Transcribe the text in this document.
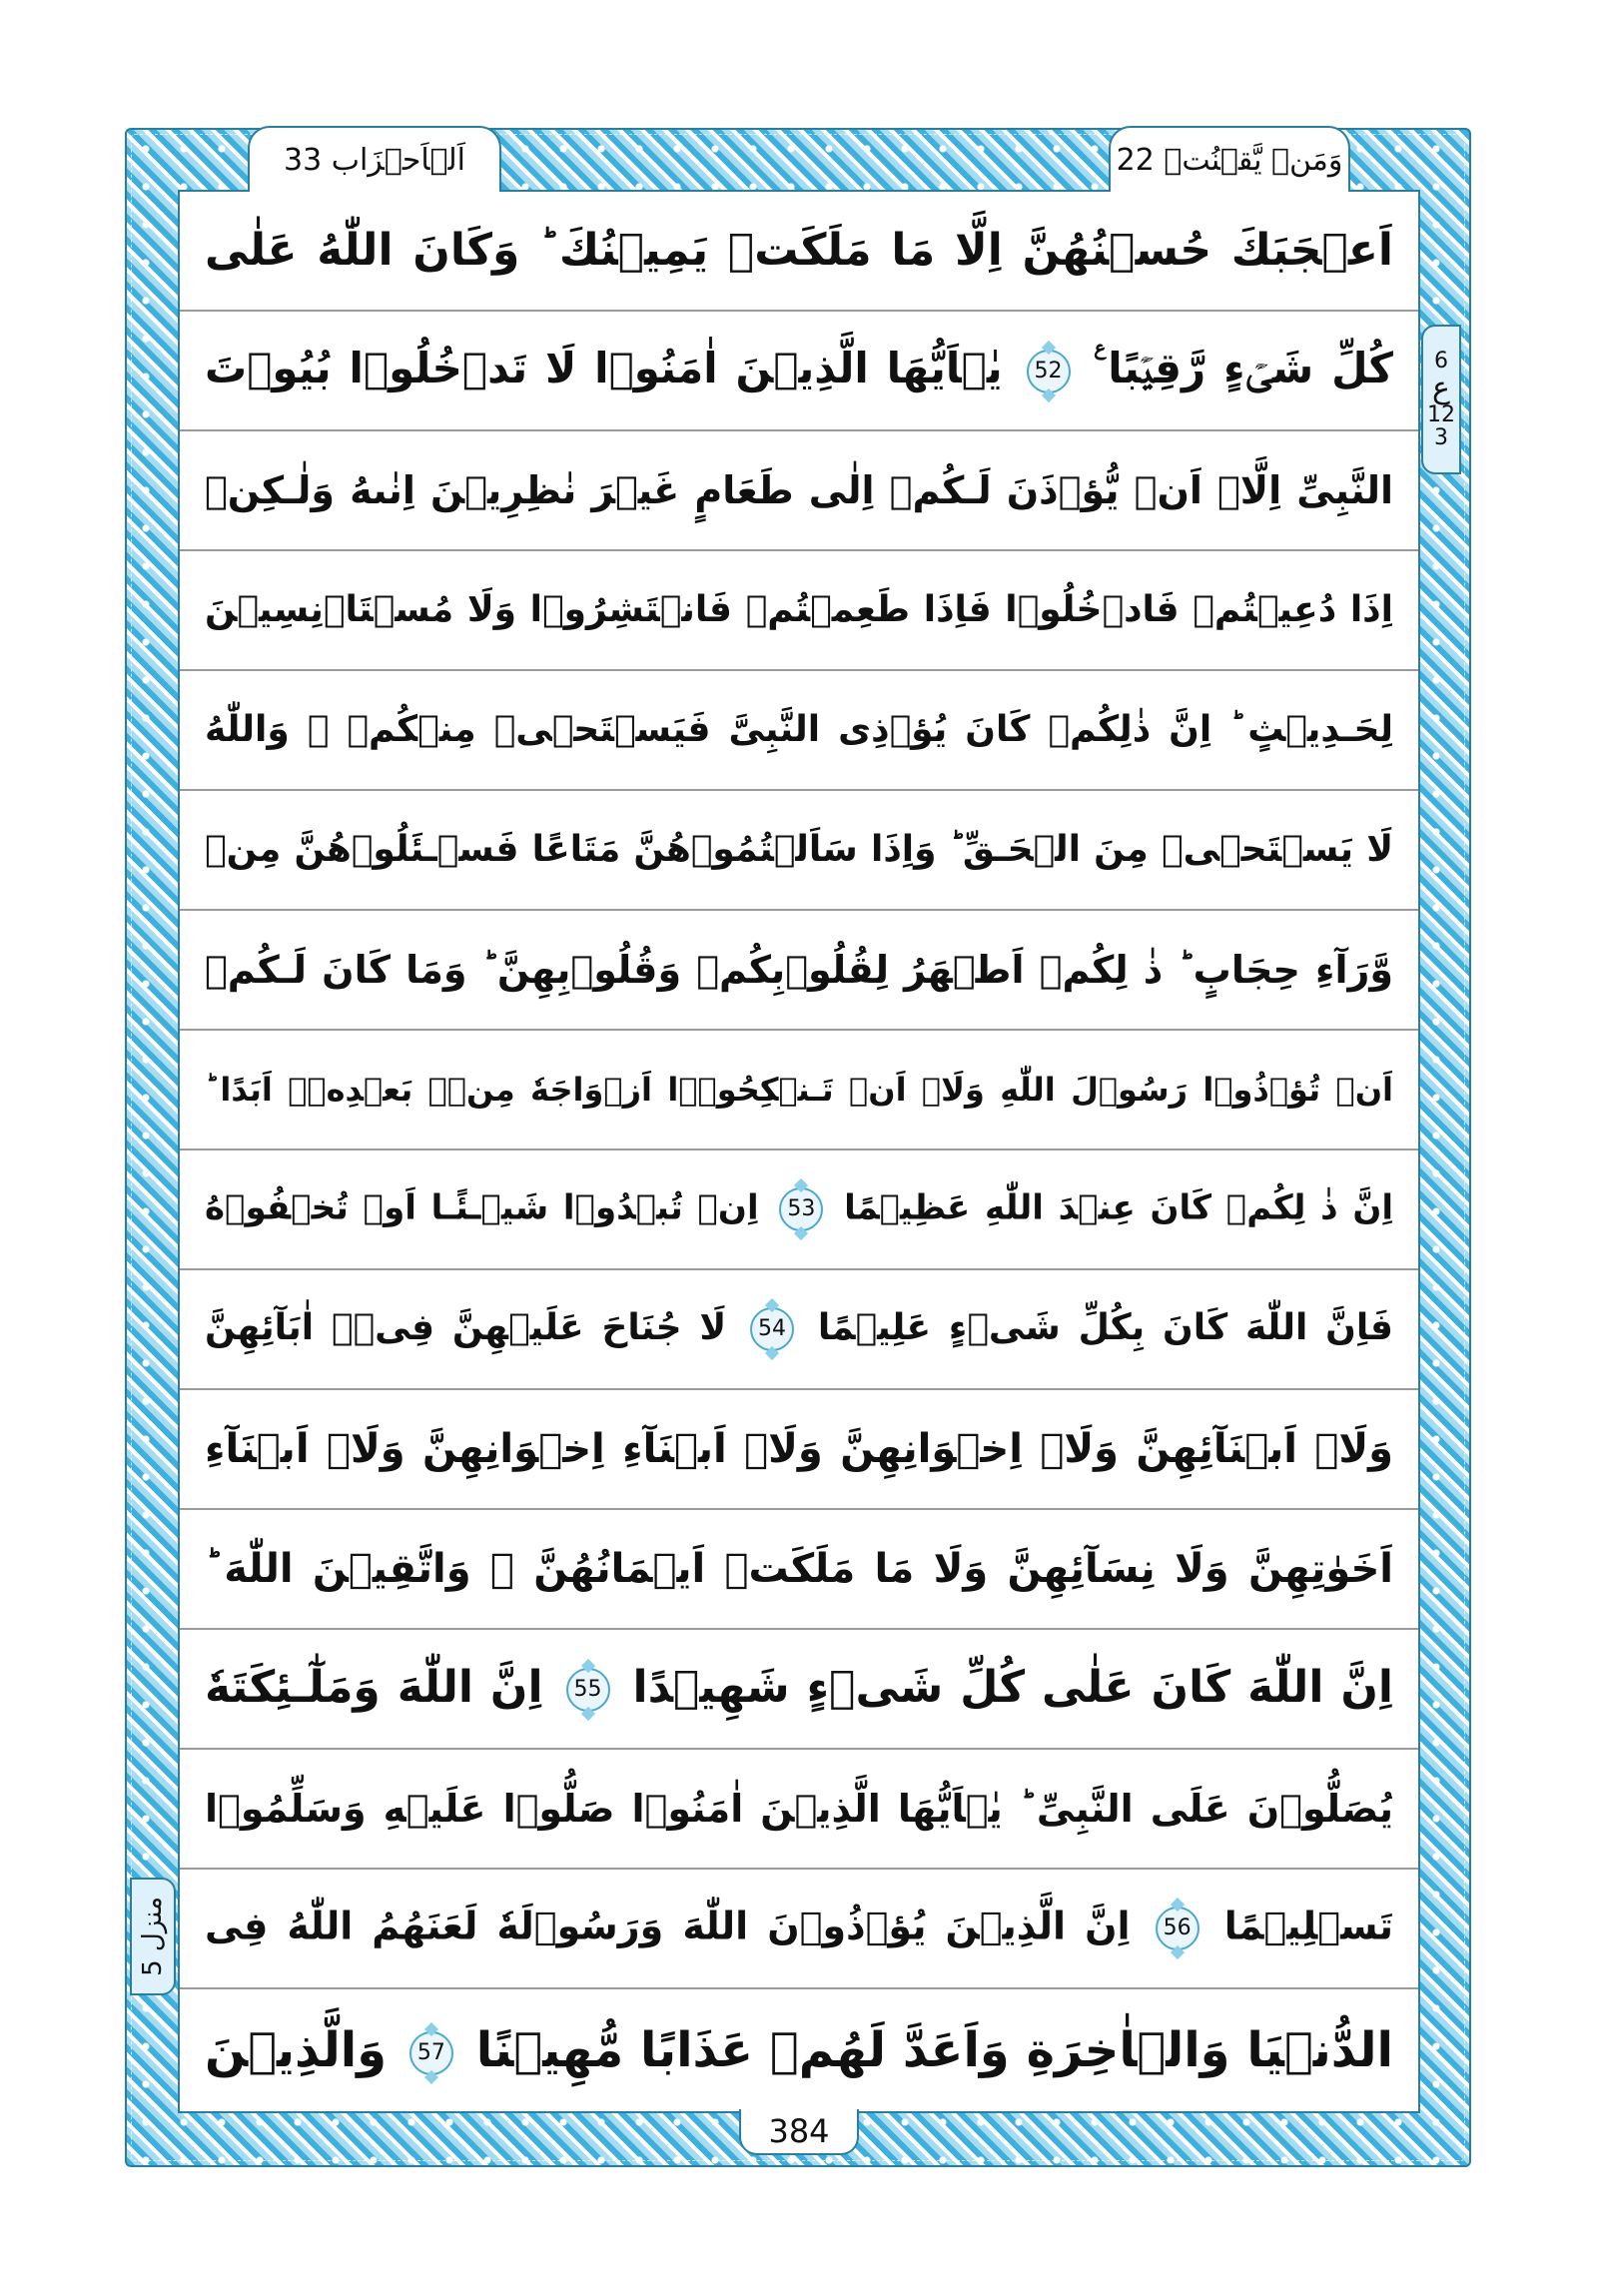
اَلۡاَحۡزَاب 33	وَمَنۡ يَّقۡنُتۡ 22
6
ع
12
3
منزل 5
اَعۡجَبَكَ حُسۡنُهُنَّ اِلَّا مَا مَلَكَتۡ يَمِيۡنُكَ ؕ وَكَانَ اللّٰهُ عَلٰى
كُلِّ شَىۡءٍ رَّقِيۡبًا ࣖ 52 يٰۤاَيُّهَا الَّذِيۡنَ اٰمَنُوۡا لَا تَدۡخُلُوۡا بُيُوۡتَ
النَّبِىِّ اِلَّاۤ اَنۡ يُّؤۡذَنَ لَـكُمۡ اِلٰى طَعَامٍ غَيۡرَ نٰظِرِيۡنَ اِنٰٮهُ وَلٰـكِنۡ
اِذَا دُعِيۡتُمۡ فَادۡخُلُوۡا فَاِذَا طَعِمۡتُمۡ فَانۡتَشِرُوۡا وَلَا مُسۡتَاۡنِسِيۡنَ
لِحَـدِيۡثٍ ؕ اِنَّ ذٰلِكُمۡ كَانَ يُؤۡذِى النَّبِىَّ فَيَسۡتَحۡىٖ مِنۡكُمۡ ۖ وَاللّٰهُ
لَا يَسۡتَحۡىٖ مِنَ الۡحَـقِّ ؕ وَاِذَا سَاَلۡتُمُوۡهُنَّ مَتَاعًا فَسۡـئَلُوۡهُنَّ مِنۡ
وَّرَآءِ حِجَابٍ ؕ ذٰ لِكُمۡ اَطۡهَرُ لِقُلُوۡبِكُمۡ وَقُلُوۡبِهِنَّ ؕ وَمَا كَانَ لَـكُمۡ
اَنۡ تُؤۡذُوۡا رَسُوۡلَ اللّٰهِ وَلَاۤ اَنۡ تَـنۡكِحُوۡۤا اَزۡوَاجَهٗ مِنۡۢ بَعۡدِهٖۤ اَبَدًا ؕ
اِنَّ ذٰ لِكُمۡ كَانَ عِنۡدَ اللّٰهِ عَظِيۡمًا 53 اِنۡ تُبۡدُوۡا شَيۡـئًـا اَوۡ تُخۡفُوۡهُ
فَاِنَّ اللّٰهَ كَانَ بِكُلِّ شَىۡءٍ عَلِيۡمًا 54 لَا جُنَاحَ عَلَيۡهِنَّ فِىۡۤ اٰبَآئِهِنَّ
وَلَاۤ اَبۡنَآئِهِنَّ وَلَاۤ اِخۡوَانِهِنَّ وَلَاۤ اَبۡنَآءِ اِخۡوَانِهِنَّ وَلَاۤ اَبۡنَآءِ
اَخَوٰتِهِنَّ وَلَا نِسَآئِهِنَّ وَلَا مَا مَلَكَتۡ اَيۡمَانُهُنَّ ۚ وَاتَّقِيۡنَ اللّٰهَ ؕ
اِنَّ اللّٰهَ كَانَ عَلٰى كُلِّ شَىۡءٍ شَهِيۡدًا 55 اِنَّ اللّٰهَ وَمَلٰٓـئِكَتَهٗ
يُصَلُّوۡنَ عَلَى النَّبِىِّ ؕ يٰۤاَيُّهَا الَّذِيۡنَ اٰمَنُوۡا صَلُّوۡا عَلَيۡهِ وَسَلِّمُوۡا
تَسۡلِيۡمًا 56 اِنَّ الَّذِيۡنَ يُؤۡذُوۡنَ اللّٰهَ وَرَسُوۡلَهٗ لَعَنَهُمُ اللّٰهُ فِى
الدُّنۡيَا وَالۡاٰخِرَةِ وَاَعَدَّ لَهُمۡ عَذَابًا مُّهِيۡنًا 57 وَالَّذِيۡنَ
384
